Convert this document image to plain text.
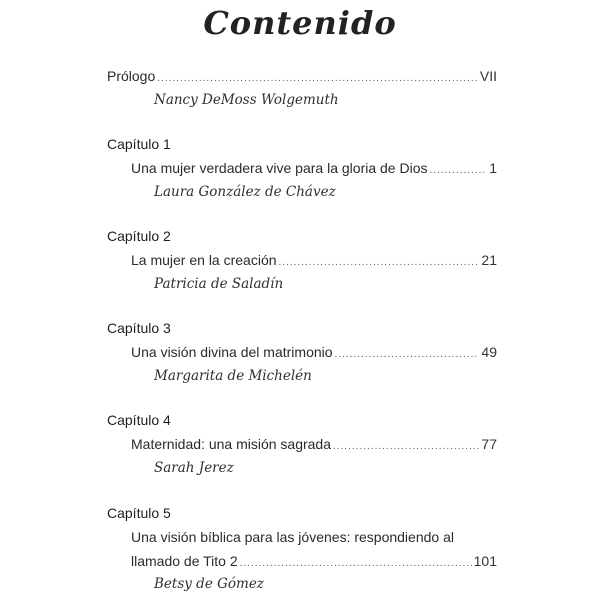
Contenido
Prólogo .....	VII
Nancy DeMoss Wolgemuth
Capítulo 1
Una mujer verdadera vive para la gloria de Dios .....	1
Laura González de Chávez
Capítulo 2
La mujer en la creación .....	21
Patricia de Saladín
Capítulo 3
Una visión divina del matrimonio .....	49
Margarita de Michelén
Capítulo 4
Maternidad: una misión sagrada .....	77
Sarah Jerez
Capítulo 5
Una visión bíblica para las jóvenes: respondiendo al
llamado de Tito 2 .....	101
Betsy de Gómez
